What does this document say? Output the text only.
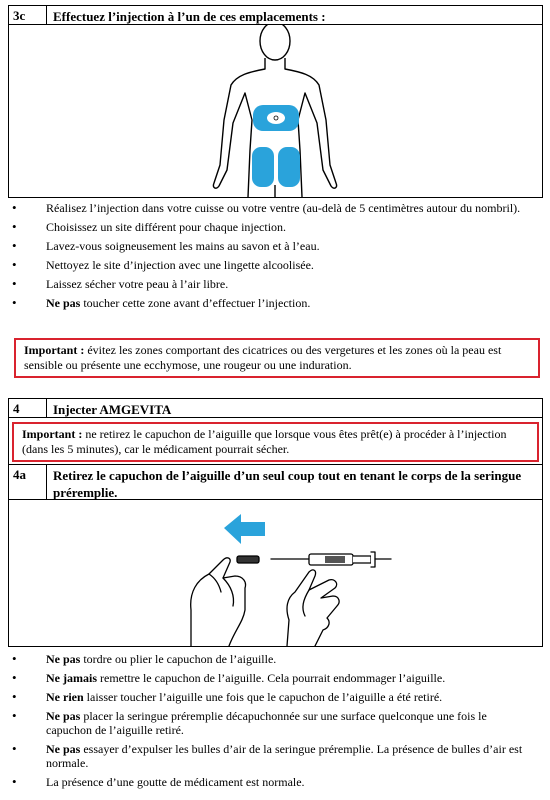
3c	Effectuez l’injection à l’un de ces emplacements :
• Réalisez l’injection dans votre cuisse ou votre ventre (au-delà de 5 centimètres autour du nombril).
• Choisissez un site différent pour chaque injection.
• Lavez-vous soigneusement les mains au savon et à l’eau.
• Nettoyez le site d’injection avec une lingette alcoolisée.
• Laissez sécher votre peau à l’air libre.
• Ne pas toucher cette zone avant d’effectuer l’injection.
Important : évitez les zones comportant des cicatrices ou des vergetures et les zones où la peau est sensible ou présente une ecchymose, une rougeur ou une induration.
4	Injecter AMGEVITA
Important : ne retirez le capuchon de l’aiguille que lorsque vous êtes prêt(e) à procéder à l’injection (dans les 5 minutes), car le médicament pourrait sécher.
4a	Retirez le capuchon de l’aiguille d’un seul coup tout en tenant le corps de la seringue préremplie.
• Ne pas tordre ou plier le capuchon de l’aiguille.
• Ne jamais remettre le capuchon de l’aiguille. Cela pourrait endommager l’aiguille.
• Ne rien laisser toucher l’aiguille une fois que le capuchon de l’aiguille a été retiré.
• Ne pas placer la seringue préremplie décapuchonnée sur une surface quelconque une fois le capuchon de l’aiguille retiré.
• Ne pas essayer d’expulser les bulles d’air de la seringue préremplie. La présence de bulles d’air est normale.
• La présence d’une goutte de médicament est normale.
